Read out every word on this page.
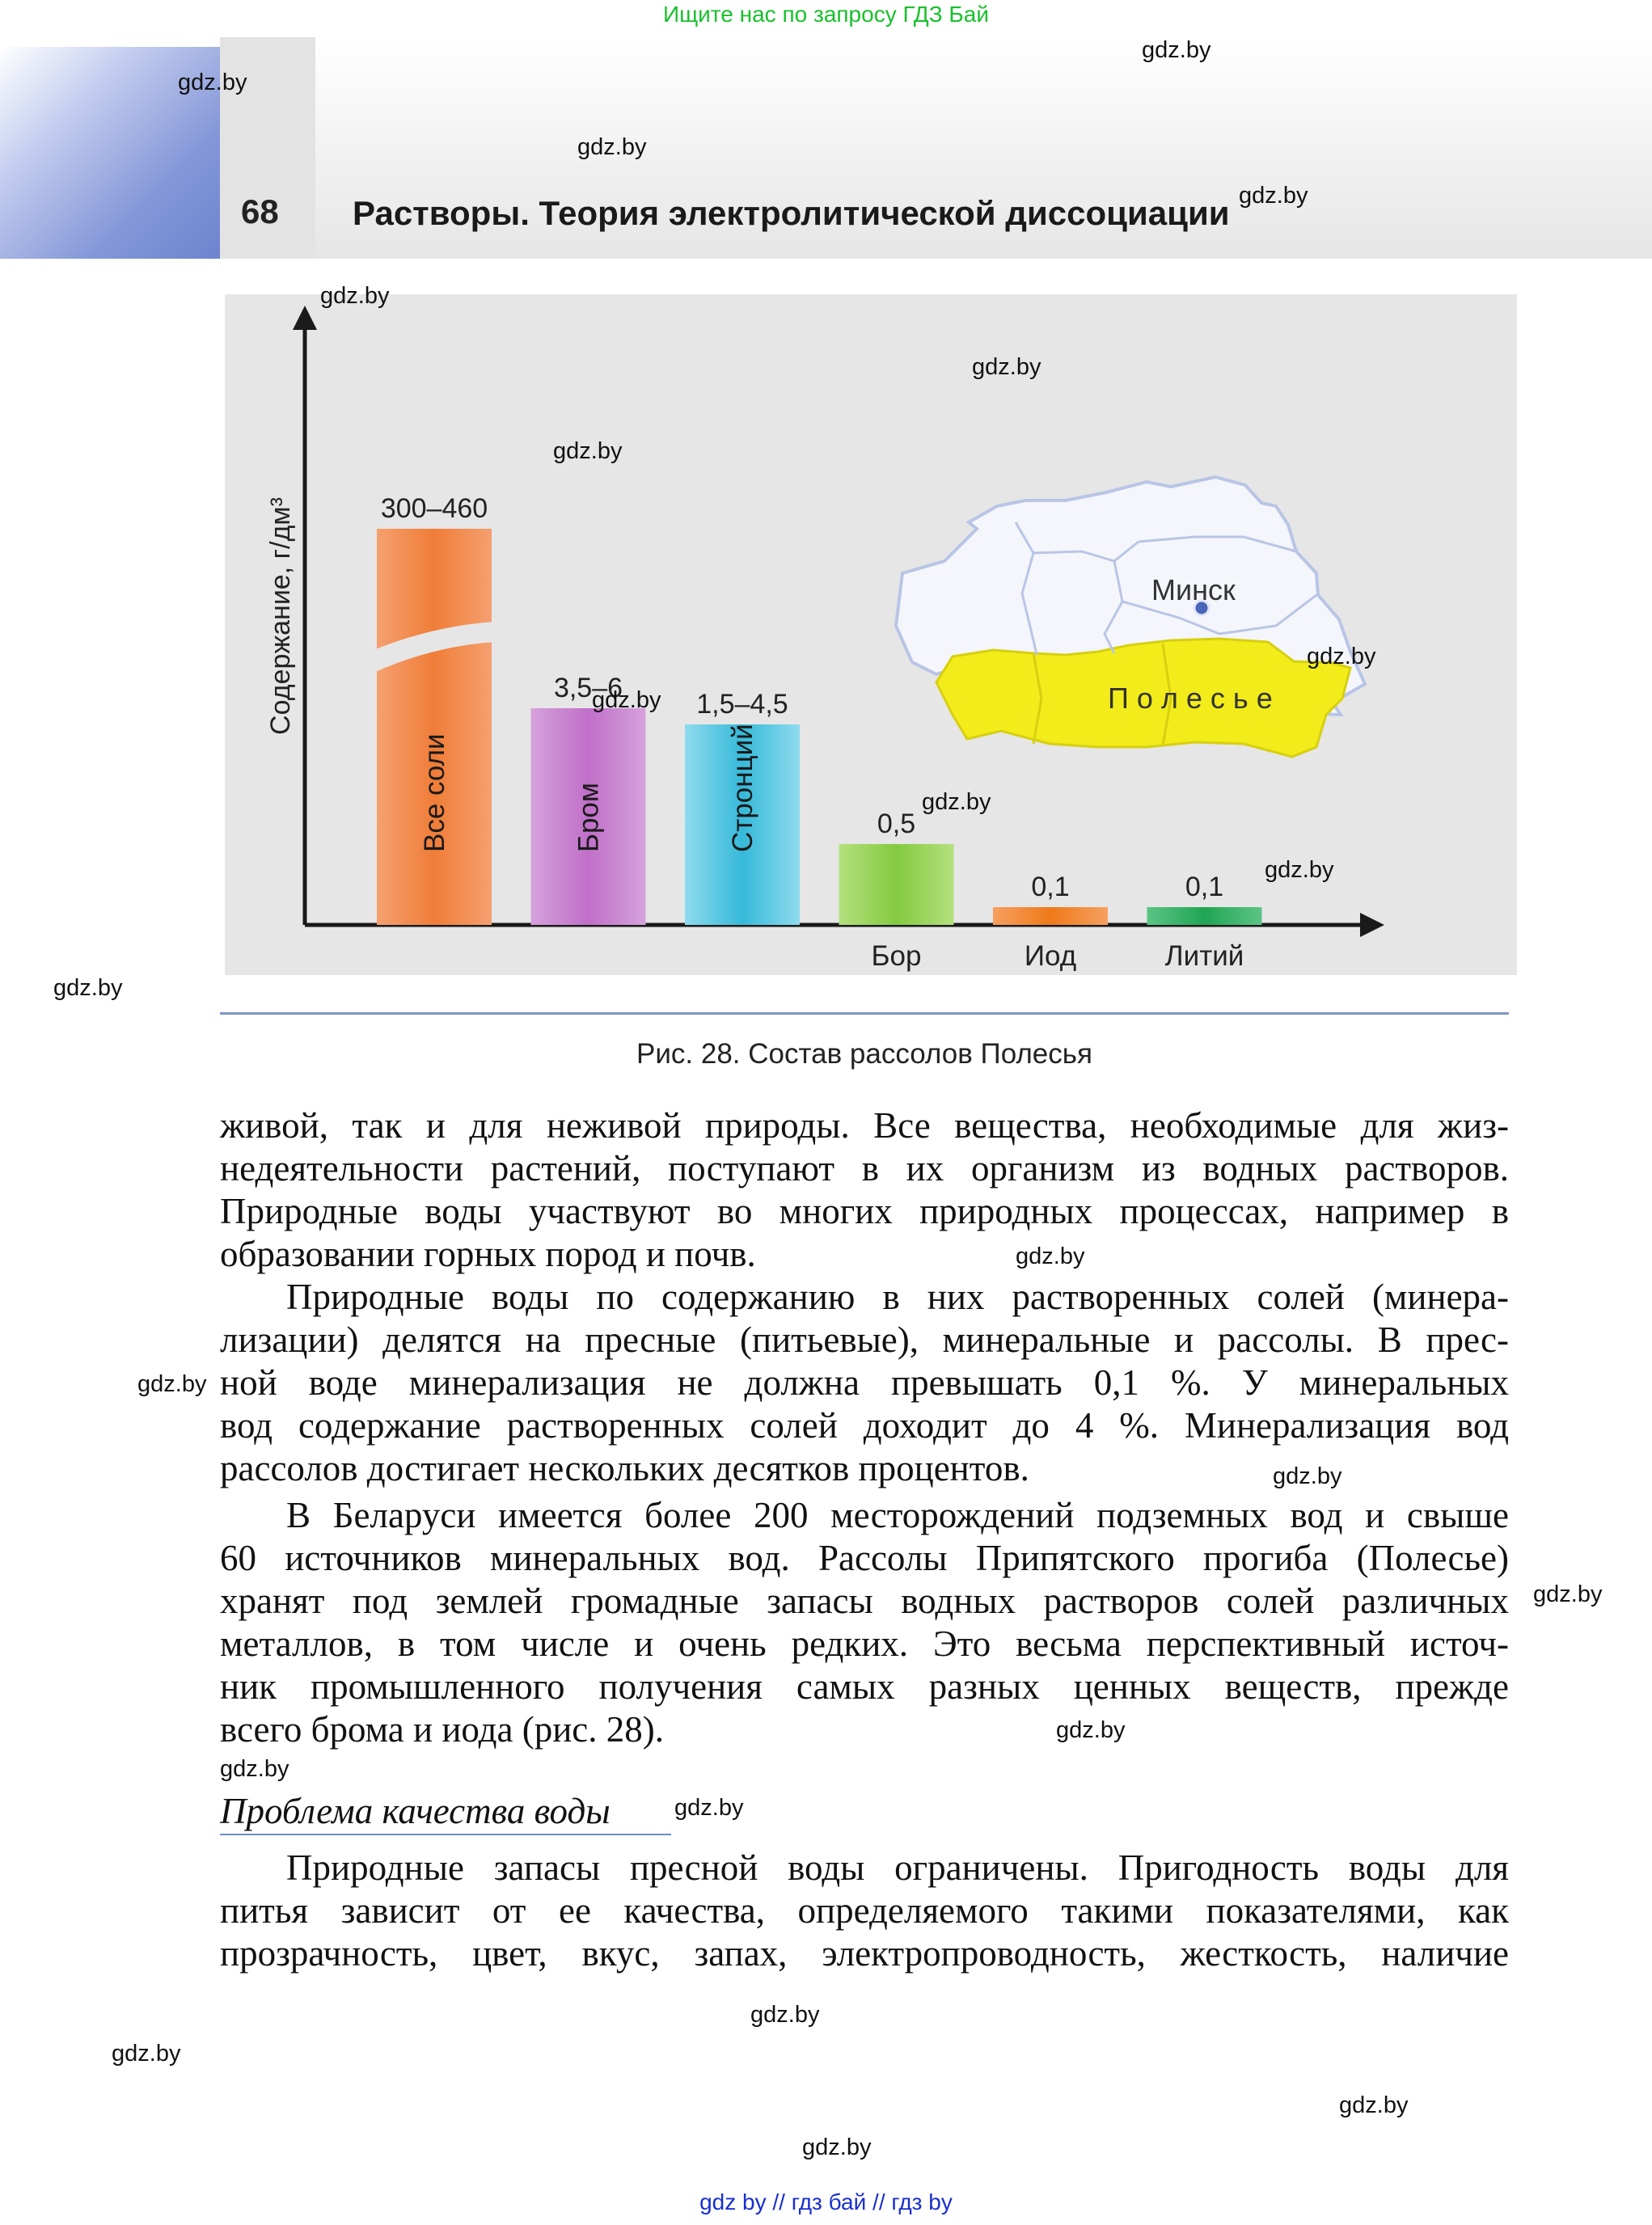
Ищите нас по запросу ГДЗ Бай
68 Растворы. Теория электролитической диссоциации
Минск
П о л е с ь е
Содержание, г/дм³	300–460
Все соли
3,5–6
Бром
1,5–4,5
Стронций	0,5
Бор
0,1
Иод
0,1
Литий
Рис. 28. Состав рассолов Полесья
живой, так и для неживой природы. Все вещества, необходимые для жиз-
недеятельности растений, поступают в их организм из водных растворов.
Природные воды участвуют во многих природных процессах, например в
образовании горных пород и почв.
Природные воды по содержанию в них растворенных солей (минера-
лизации) делятся на пресные (питьевые), минеральные и рассолы. В прес-
ной воде минерализация не должна превышать 0,1 %. У минеральных
вод содержание растворенных солей доходит до 4 %. Минерализация вод
рассолов достигает нескольких десятков процентов.
В Беларуси имеется более 200 месторождений подземных вод и свыше
60 источников минеральных вод. Рассолы Припятского прогиба (Полесье)
хранят под землей громадные запасы водных растворов солей различных
металлов, в том числе и очень редких. Это весьма перспективный источ-
ник промышленного получения самых разных ценных веществ, прежде
всего брома и иода (рис. 28).
Проблема качества воды
Природные запасы пресной воды ограничены. Пригодность воды для
питья зависит от ее качества, определяемого такими показателями, как
прозрачность, цвет, вкус, запах, электропроводность, жесткость, наличие
gdz.by
gdz.by
gdz.by
gdz.by
gdz.by
gdz.by
gdz.by
gdz.by
gdz.by
gdz.by
gdz.by
gdz.by
gdz.by
gdz.by
gdz.by
gdz.by
gdz.by
gdz.by
gdz.by
gdz.by
gdz.by
gdz.by
gdz.by
gdz by // гдз бай // гдз by
